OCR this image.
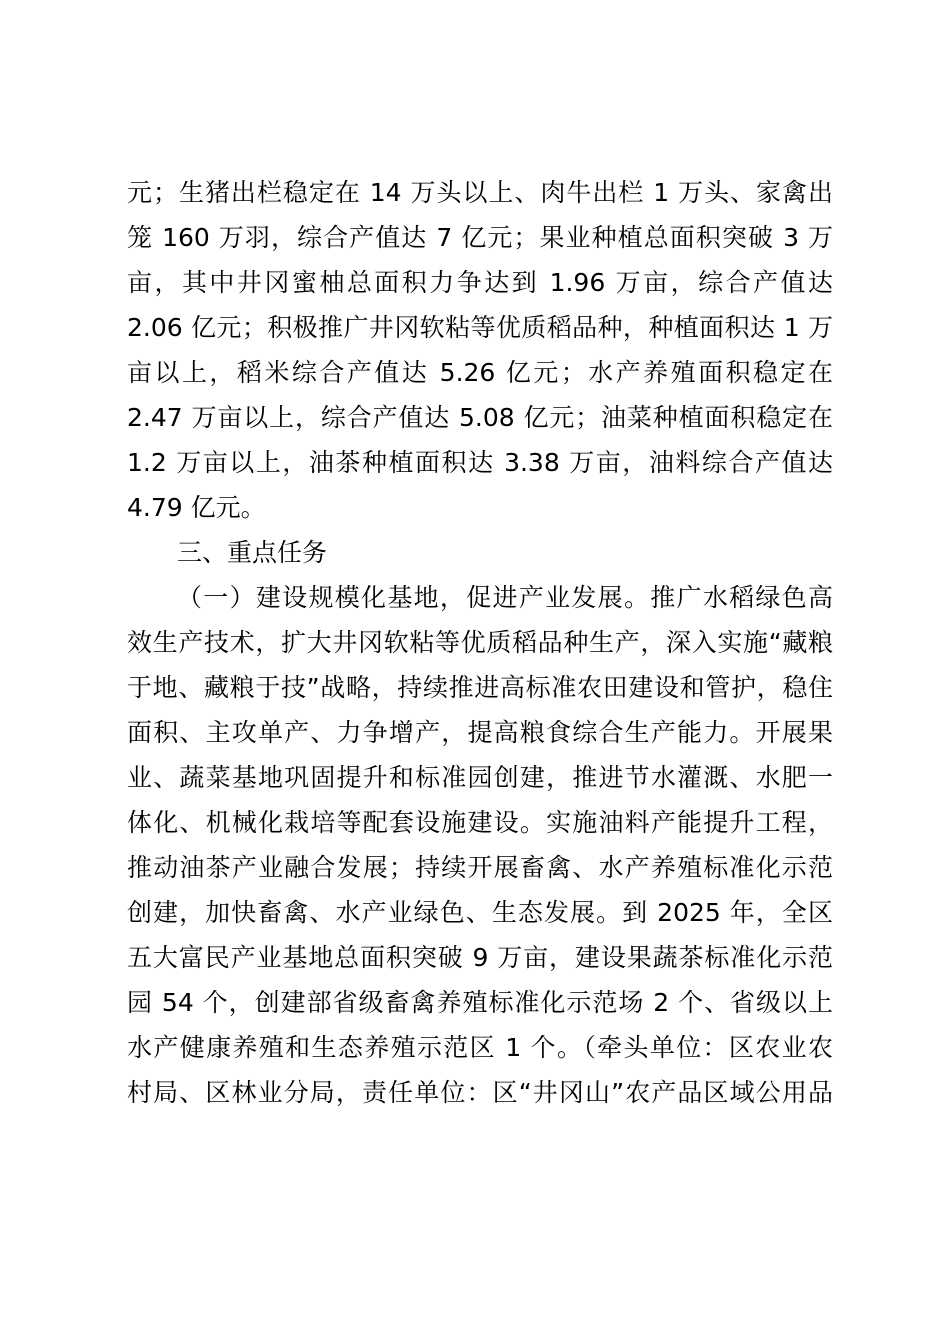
元；生猪出栏稳定在 14 万头以上、肉牛出栏 1 万头、家禽出
笼 160 万羽，综合产值达 7 亿元；果业种植总面积突破 3 万
亩，其中井冈蜜柚总面积力争达到 1.96 万亩，综合产值达
2.06 亿元；积极推广井冈软粘等优质稻品种，种植面积达 1 万
亩以上，稻米综合产值达 5.26 亿元；水产养殖面积稳定在
2.47 万亩以上，综合产值达 5.08 亿元；油菜种植面积稳定在
1.2 万亩以上，油茶种植面积达 3.38 万亩，油料综合产值达
4.79 亿元。
三、重点任务
（一）建设规模化基地，促进产业发展。推广水稻绿色高
效生产技术，扩大井冈软粘等优质稻品种生产，深入实施“藏粮
于地、藏粮于技”战略，持续推进高标准农田建设和管护，稳住
面积、主攻单产、力争增产，提高粮食综合生产能力。开展果
业、蔬菜基地巩固提升和标准园创建，推进节水灌溉、水肥一
体化、机械化栽培等配套设施建设。实施油料产能提升工程，
推动油茶产业融合发展；持续开展畜禽、水产养殖标准化示范
创建，加快畜禽、水产业绿色、生态发展。到 2025 年，全区
五大富民产业基地总面积突破 9 万亩，建设果蔬茶标准化示范
园 54 个，创建部省级畜禽养殖标准化示范场 2 个、省级以上
水产健康养殖和生态养殖示范区 1 个。（牵头单位：区农业农
村局、区林业分局，责任单位：区“井冈山”农产品区域公用品
